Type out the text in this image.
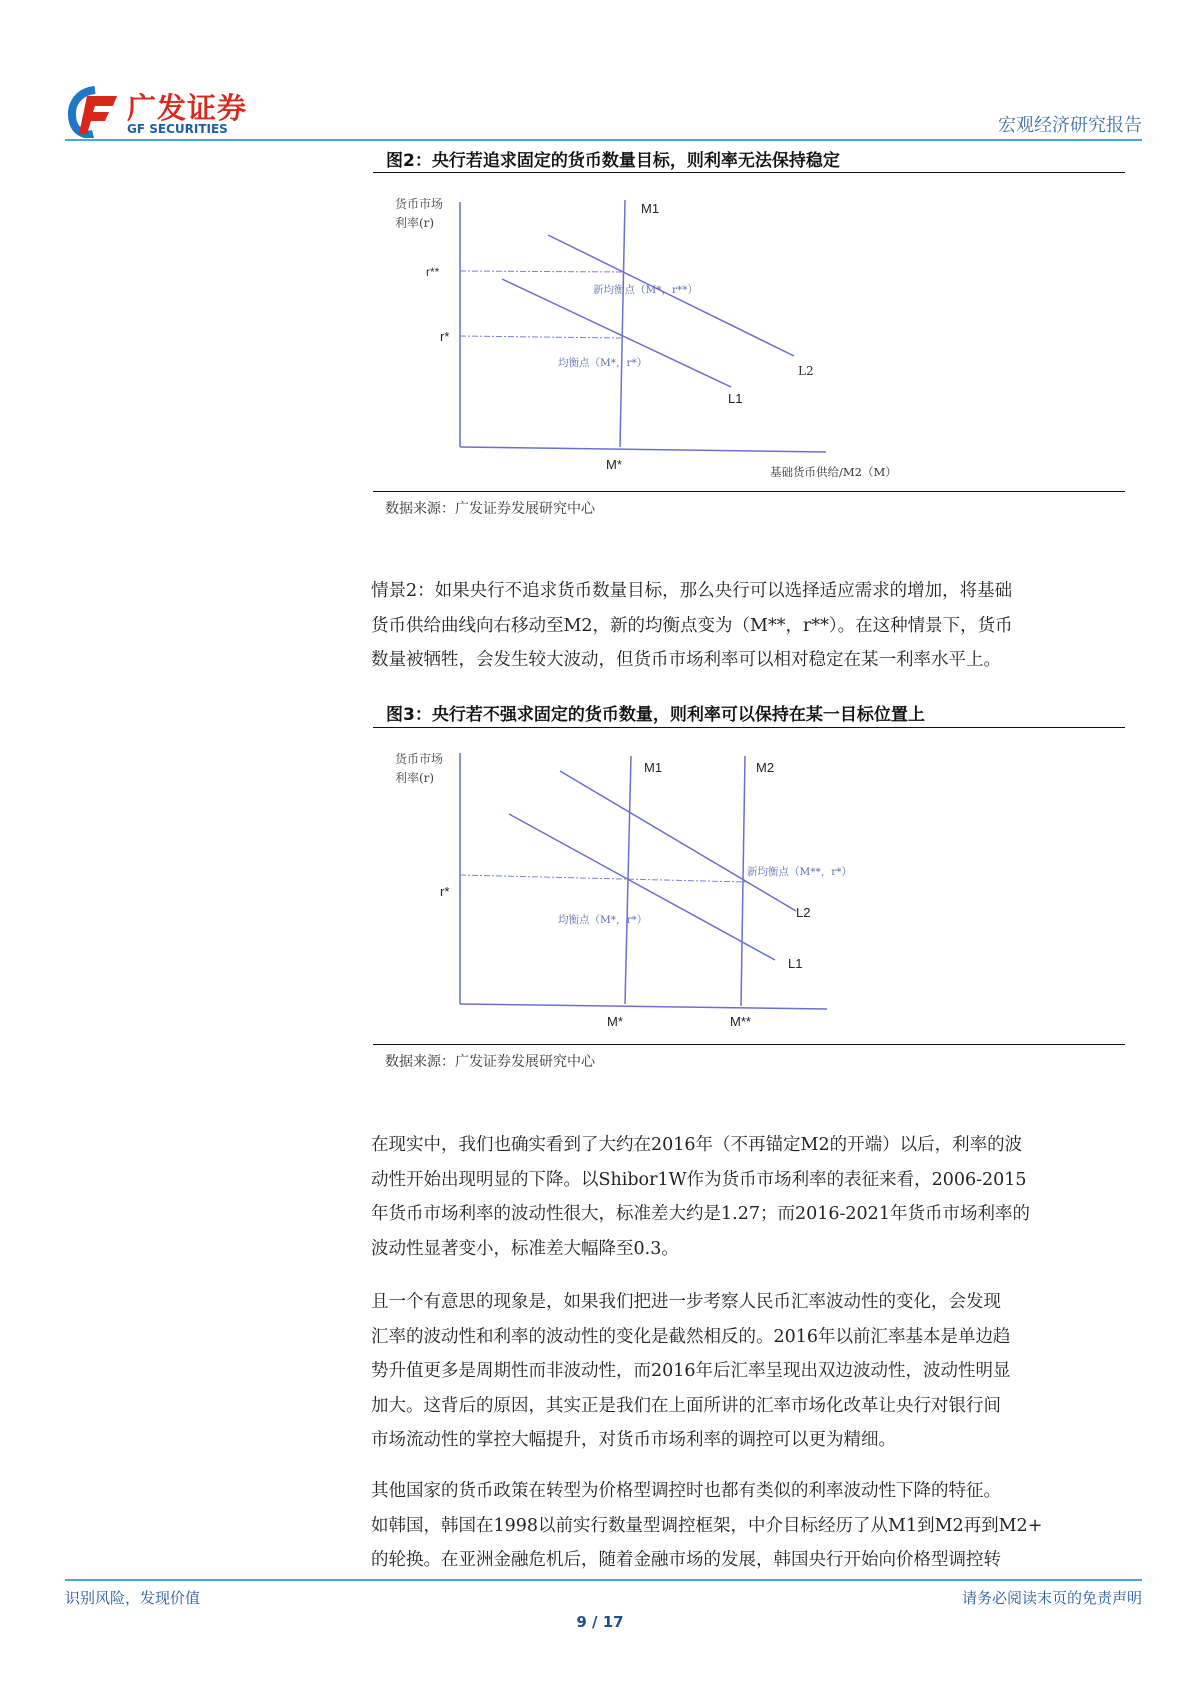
广发证券
GF SECURITIES	宏观经济研究报告
图2：央行若追求固定的货币数量目标，则利率无法保持稳定
货币市场
利率(r)
M1
r**
r*
新均衡点（M*，r**）
均衡点（M*，r*）
L2
L1
M*	基础货币供给/M2（M）
数据来源：广发证券发展研究中心

情景2：如果央行不追求货币数量目标，那么央行可以选择适应需求的增加，将基础

货币供给曲线向右移动至M2，新的均衡点变为（M**，r**）。在这种情景下，货币

数量被牺牲，会发生较大波动，但货币市场利率可以相对稳定在某一利率水平上。

图3：央行若不强求固定的货币数量，则利率可以保持在某一目标位置上
货币市场
利率(r)
M1	M2
r*
新均衡点（M**，r*）
均衡点（M*，r*）	L2
L1
M*	M**
数据来源：广发证券发展研究中心

在现实中，我们也确实看到了大约在2016年（不再锚定M2的开端）以后，利率的波

动性开始出现明显的下降。以Shibor1W作为货币市场利率的表征来看，2006-2015

年货币市场利率的波动性很大，标准差大约是1.27；而2016-2021年货币市场利率的

波动性显著变小，标准差大幅降至0.3。

且一个有意思的现象是，如果我们把进一步考察人民币汇率波动性的变化，会发现

汇率的波动性和利率的波动性的变化是截然相反的。2016年以前汇率基本是单边趋

势升值更多是周期性而非波动性，而2016年后汇率呈现出双边波动性，波动性明显

加大。这背后的原因，其实正是我们在上面所讲的汇率市场化改革让央行对银行间

市场流动性的掌控大幅提升，对货币市场利率的调控可以更为精细。

其他国家的货币政策在转型为价格型调控时也都有类似的利率波动性下降的特征。

如韩国，韩国在1998以前实行数量型调控框架，中介目标经历了从M1到M2再到M2+

的轮换。在亚洲金融危机后，随着金融市场的发展，韩国央行开始向价格型调控转

识别风险，发现价值	请务必阅读末页的免责声明
9 / 17
